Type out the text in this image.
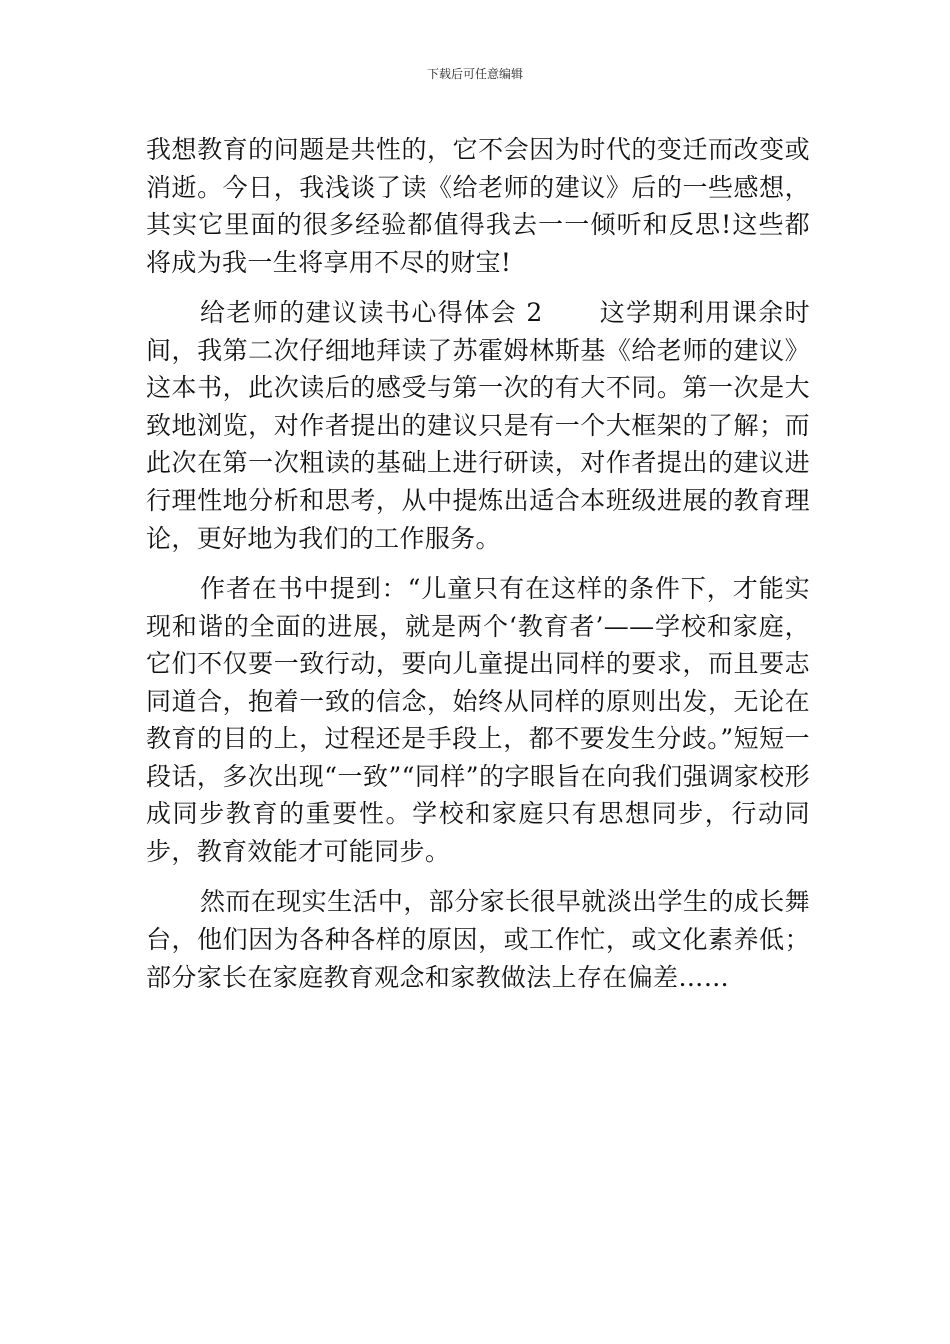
下载后可任意编辑

我想教育的问题是共性的，它不会因为时代的变迁而改变或消逝。今日，我浅谈了读《给老师的建议》后的一些感想，其实它里面的很多经验都值得我去一一倾听和反思!这些都将成为我一生将享用不尽的财宝!

给老师的建议读书心得体会 2 这学期利用课余时间，我第二次仔细地拜读了苏霍姆林斯基《给老师的建议》这本书，此次读后的感受与第一次的有大不同。第一次是大致地浏览，对作者提出的建议只是有一个大框架的了解；而此次在第一次粗读的基础上进行研读，对作者提出的建议进行理性地分析和思考，从中提炼出适合本班级进展的教育理论，更好地为我们的工作服务。

作者在书中提到：“儿童只有在这样的条件下，才能实现和谐的全面的进展，就是两个‘教育者’——学校和家庭，它们不仅要一致行动，要向儿童提出同样的要求，而且要志同道合，抱着一致的信念，始终从同样的原则出发，无论在教育的目的上，过程还是手段上，都不要发生分歧。”短短一段话，多次出现“一致”“同样”的字眼旨在向我们强调家校形成同步教育的重要性。学校和家庭只有思想同步，行动同步，教育效能才可能同步。

然而在现实生活中，部分家长很早就淡出学生的成长舞台，他们因为各种各样的原因，或工作忙，或文化素养低；部分家长在家庭教育观念和家教做法上存在偏差……
